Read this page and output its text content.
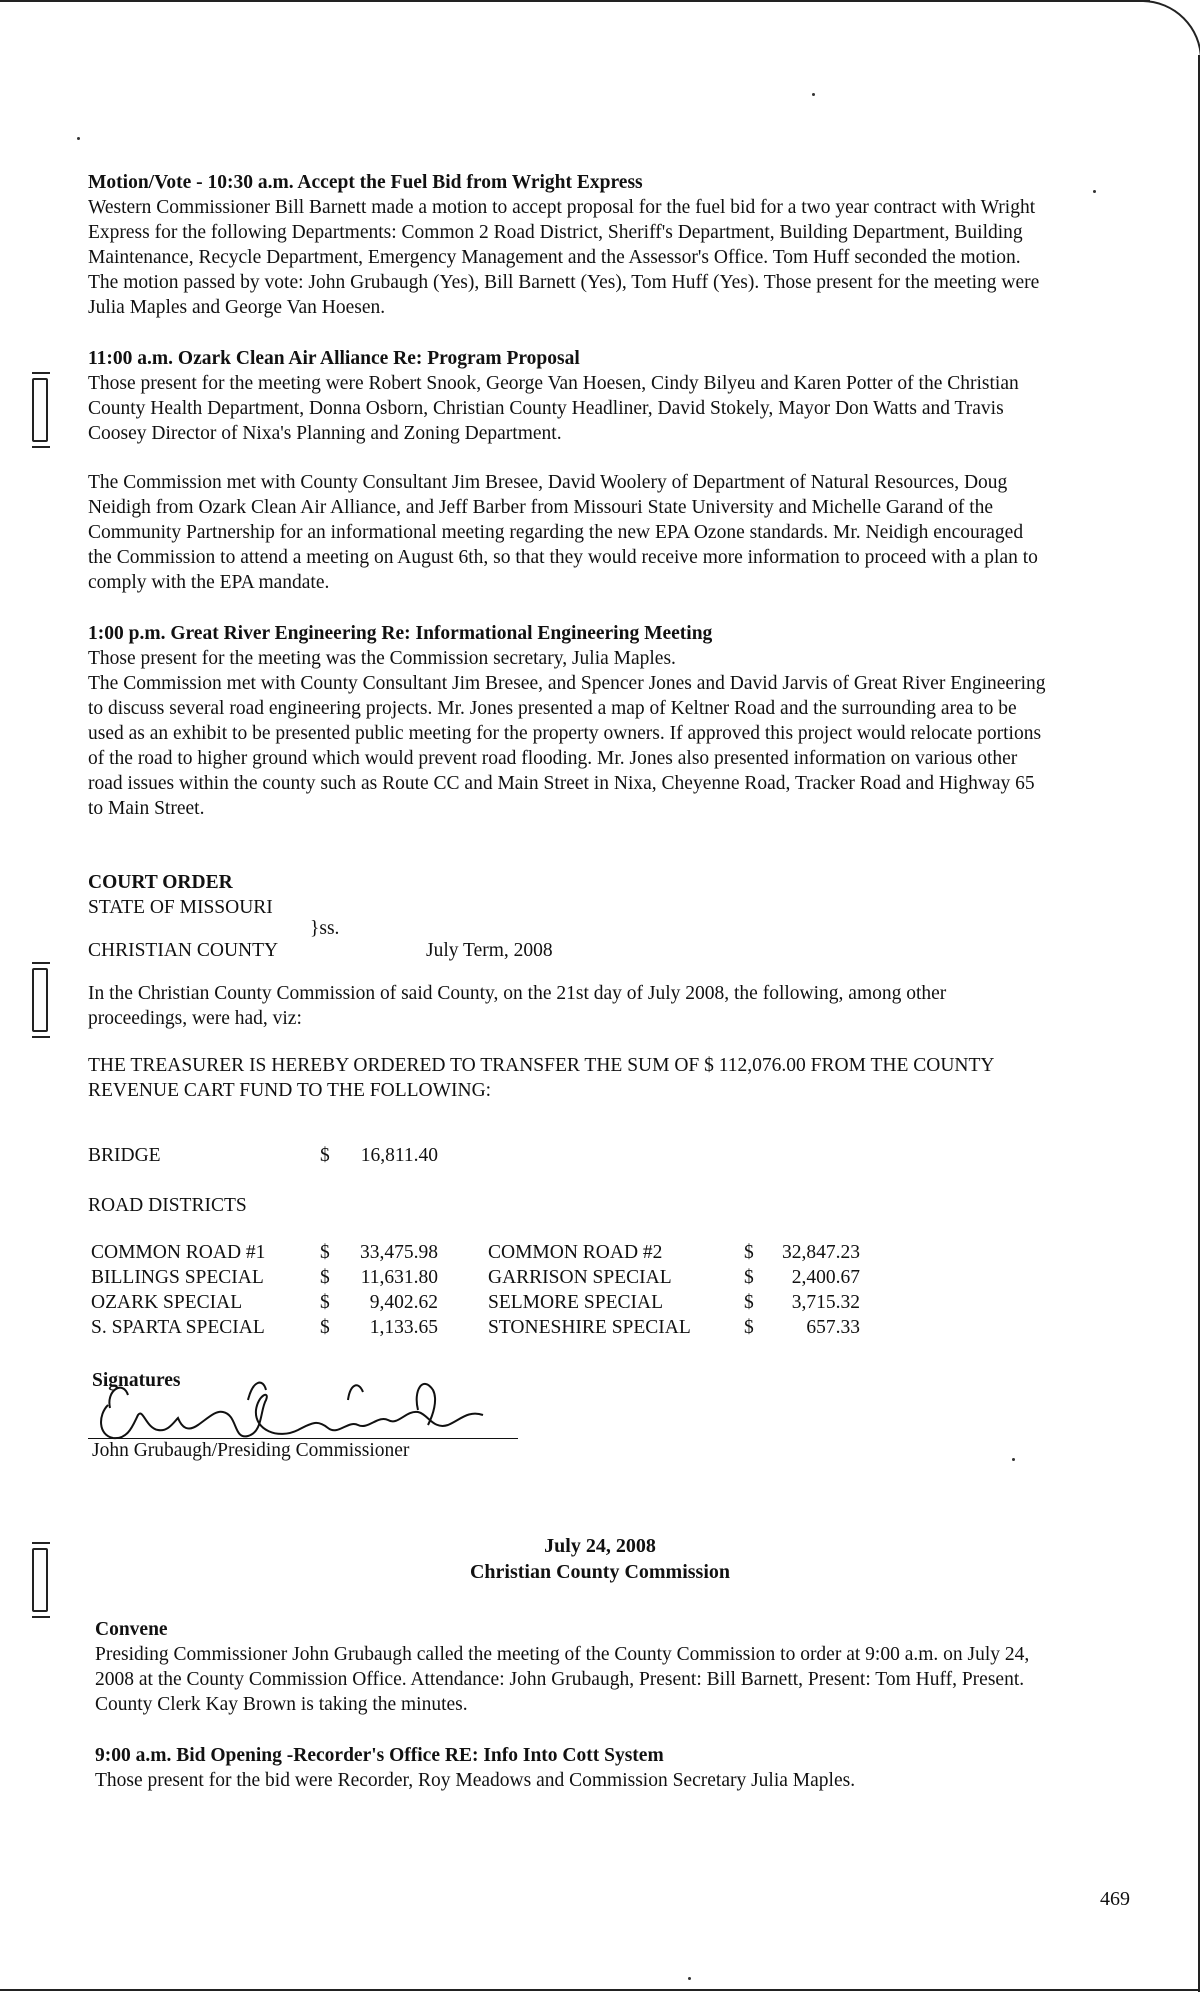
Motion/Vote - 10:30 a.m. Accept the Fuel Bid from Wright Express

Western Commissioner Bill Barnett made a motion to accept proposal for the fuel bid for a two year contract with Wright Express for the following Departments: Common 2 Road District, Sheriff's Department, Building Department, Building Maintenance, Recycle Department, Emergency Management and the Assessor's Office. Tom Huff seconded the motion. The motion passed by vote: John Grubaugh (Yes), Bill Barnett (Yes), Tom Huff (Yes). Those present for the meeting were Julia Maples and George Van Hoesen.

11:00 a.m. Ozark Clean Air Alliance Re: Program Proposal

Those present for the meeting were Robert Snook, George Van Hoesen, Cindy Bilyeu and Karen Potter of the Christian County Health Department, Donna Osborn, Christian County Headliner, David Stokely, Mayor Don Watts and Travis Coosey Director of Nixa's Planning and Zoning Department.

The Commission met with County Consultant Jim Bresee, David Woolery of Department of Natural Resources, Doug Neidigh from Ozark Clean Air Alliance, and Jeff Barber from Missouri State University and Michelle Garand of the Community Partnership for an informational meeting regarding the new EPA Ozone standards. Mr. Neidigh encouraged the Commission to attend a meeting on August 6th, so that they would receive more information to proceed with a plan to comply with the EPA mandate.

1:00 p.m. Great River Engineering Re: Informational Engineering Meeting

Those present for the meeting was the Commission secretary, Julia Maples.

The Commission met with County Consultant Jim Bresee, and Spencer Jones and David Jarvis of Great River Engineering to discuss several road engineering projects. Mr. Jones presented a map of Keltner Road and the surrounding area to be used as an exhibit to be presented public meeting for the property owners. If approved this project would relocate portions of the road to higher ground which would prevent road flooding. Mr. Jones also presented information on various other road issues within the county such as Route CC and Main Street in Nixa, Cheyenne Road, Tracker Road and Highway 65 to Main Street.

COURT ORDER
STATE OF MISSOURI
}ss.
CHRISTIAN COUNTY	July Term, 2008

In the Christian County Commission of said County, on the 21st day of July 2008, the following, among other proceedings, were had, viz:

THE TREASURER IS HEREBY ORDERED TO TRANSFER THE SUM OF $ 112,076.00 FROM THE COUNTY REVENUE CART FUND TO THE FOLLOWING:

BRIDGE	$	16,811.40
ROAD DISTRICTS
COMMON ROAD #1	$	33,475.98	COMMON ROAD #2	$	32,847.23
BILLINGS SPECIAL	$	11,631.80	GARRISON SPECIAL	$	2,400.67
OZARK SPECIAL	$	9,402.62	SELMORE SPECIAL	$	3,715.32
S. SPARTA SPECIAL	$	1,133.65	STONESHIRE SPECIAL	$	657.33
Signatures
John Grubaugh/Presiding Commissioner
July 24, 2008
Christian County Commission
Convene

Presiding Commissioner John Grubaugh called the meeting of the County Commission to order at 9:00 a.m. on July 24, 2008 at the County Commission Office. Attendance: John Grubaugh, Present: Bill Barnett, Present: Tom Huff, Present. County Clerk Kay Brown is taking the minutes.

9:00 a.m. Bid Opening -Recorder's Office RE: Info Into Cott System

Those present for the bid were Recorder, Roy Meadows and Commission Secretary Julia Maples.

469
